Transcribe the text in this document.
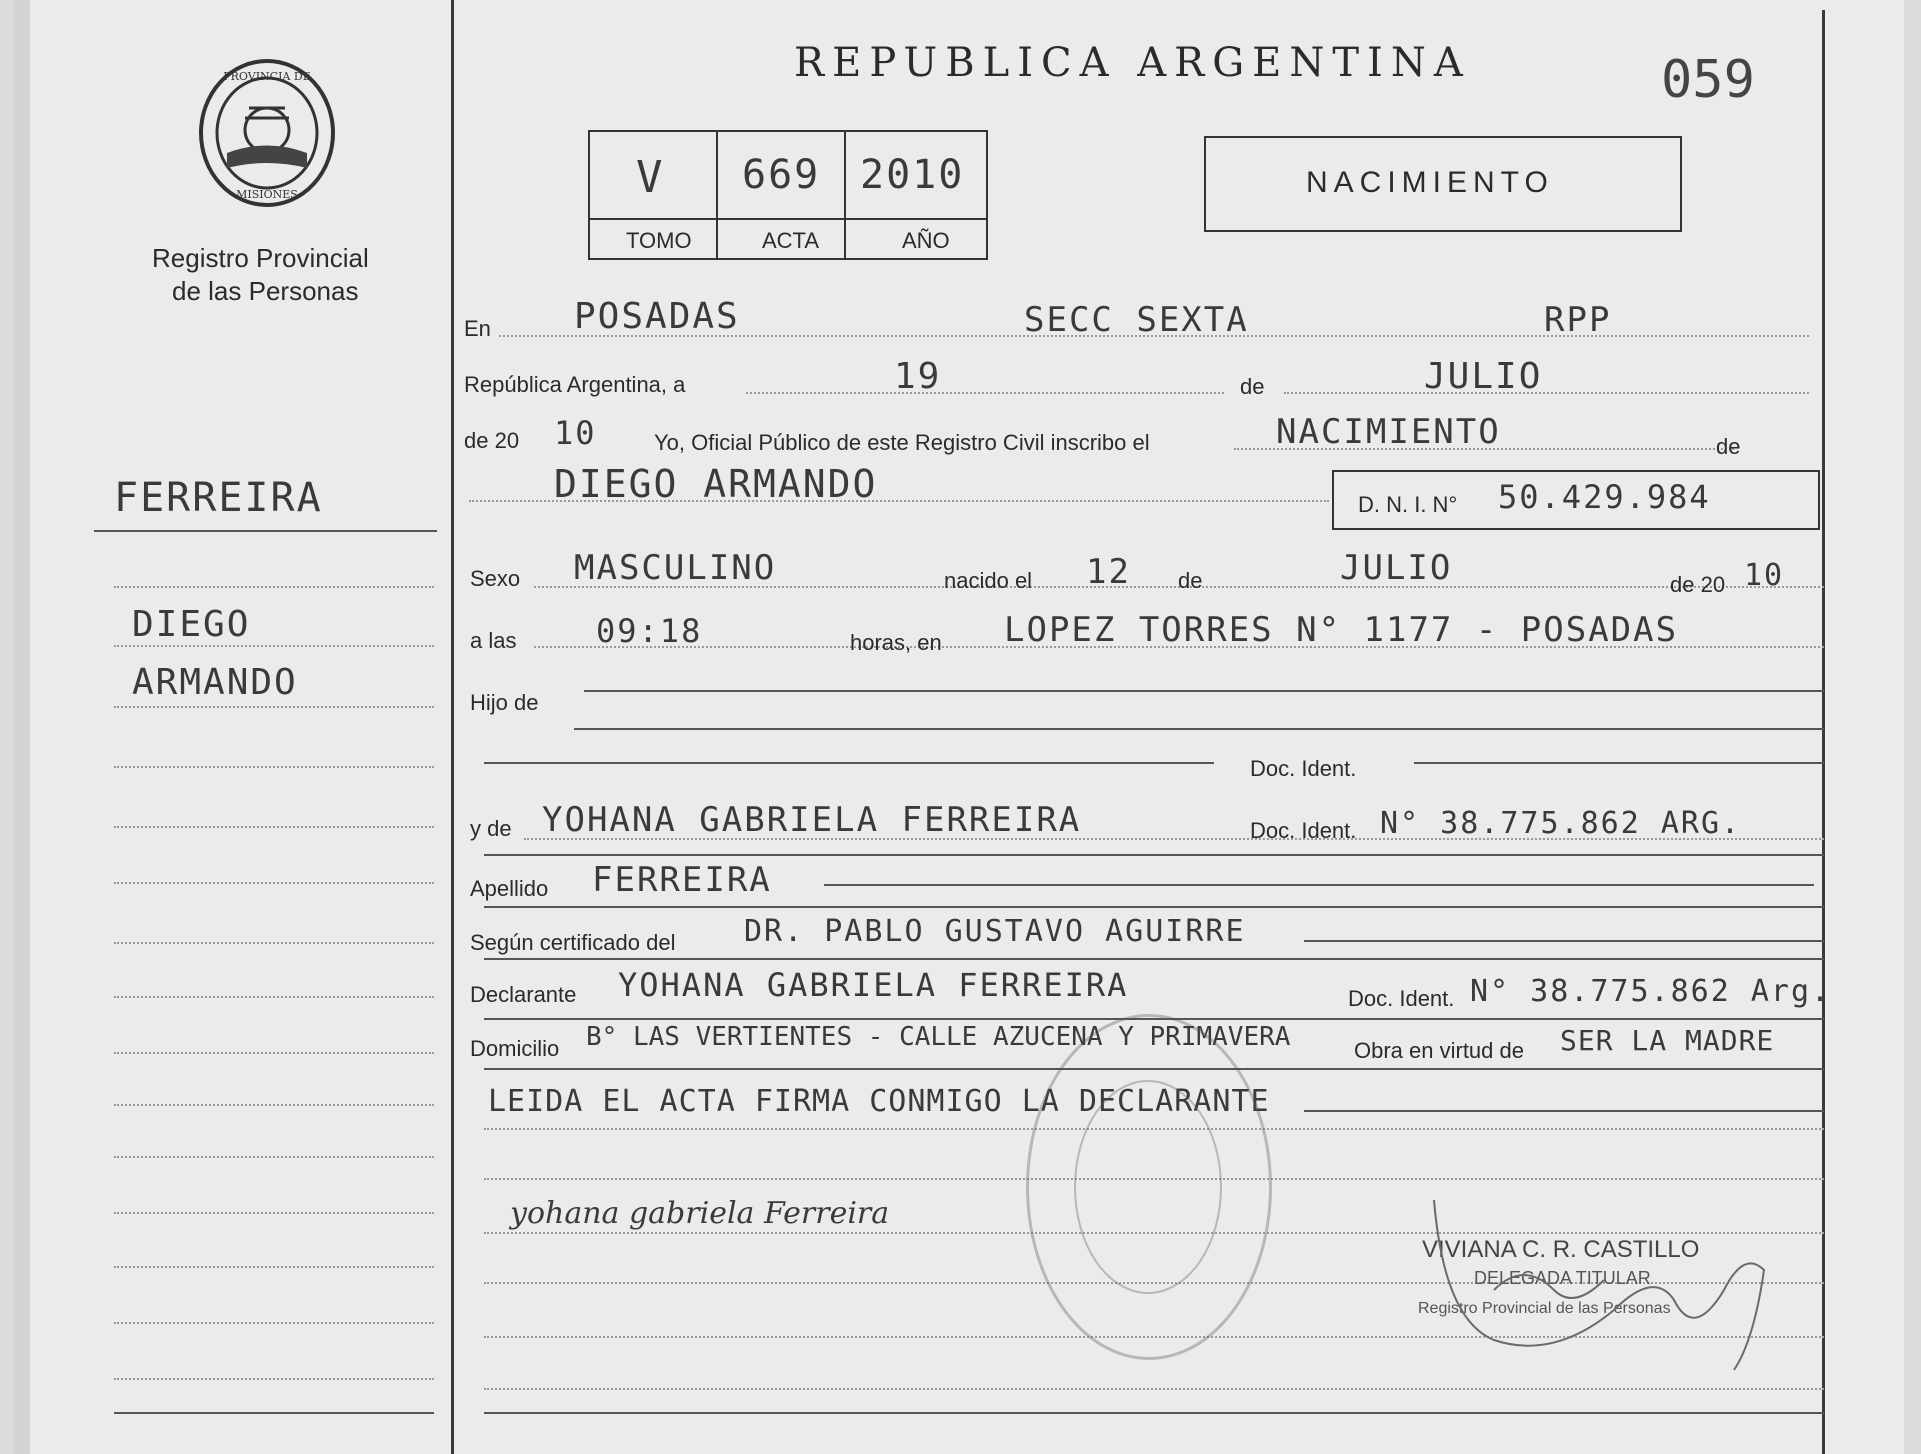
PROVINCIA DE
MISIONES
Registro Provincial
de las Personas
FERREIRA
DIEGO
ARMANDO
REPUBLICA ARGENTINA	059
V 669 2010
TOMO	ACTA	AÑO
NACIMIENTO
En POSADAS	SECC SEXTA	RPP
República Argentina, a	19	de	JULIO
de 20 10	Yo, Oficial Público de este Registro Civil inscribo el	NACIMIENTO	de
DIEGO ARMANDO	D. N. I. N° 50.429.984
Sexo MASCULINO	nacido el 12 de	JULIO	de 20 10
a las 09:18	horas, en LOPEZ TORRES N° 1177 - POSADAS
Hijo de
Doc. Ident.
y de YOHANA GABRIELA FERREIRA	Doc. Ident. N° 38.775.862 ARG.
Apellido FERREIRA
Según certificado del DR. PABLO GUSTAVO AGUIRRE
Declarante YOHANA GABRIELA FERREIRA	Doc. Ident. N° 38.775.862 Arg.
Domicilio B° LAS VERTIENTES - CALLE AZUCENA Y PRIMAVERA	Obra en virtud de SER LA MADRE
LEIDA EL ACTA FIRMA CONMIGO LA DECLARANTE
yohana gabriela Ferreira
VIVIANA C. R. CASTILLO
DELEGADA TITULAR
Registro Provincial de las Personas
